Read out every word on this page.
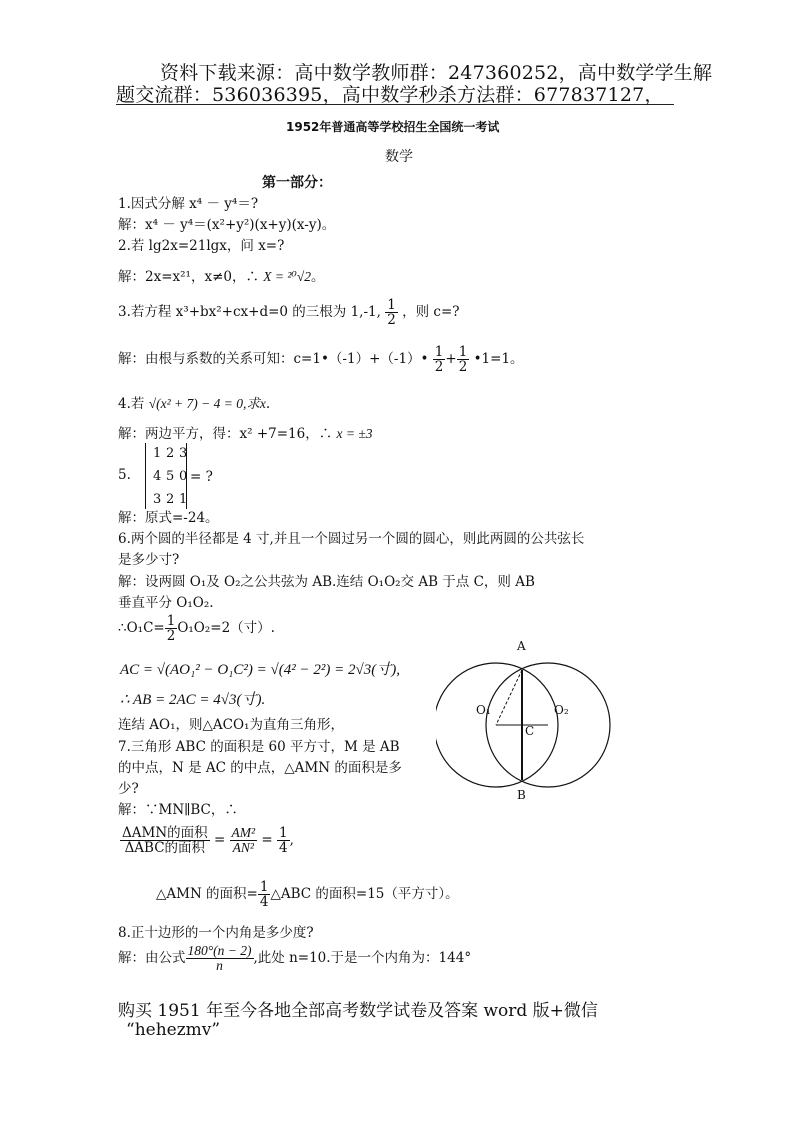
资料下载来源：高中数学教师群：247360252，高中数学学生解
题交流群：536036395，高中数学秒杀方法群：677837127，
1952年普通高等学校招生全国统一考试
数学
第一部分：
1.因式分解 x⁴ － y⁴＝?
解：x⁴ － y⁴＝(x²+y²)(x+y)(x-y)。
2.若 lg2x=21lgx，问 x=?
解：2x=x²¹，x≠0，∴ X = ²⁰√2。
3.若方程 x³+bx²+cx+d=0 的三根为 1,-1, $\frac{1}{2}$ ，则 c=?
解：由根与系数的关系可知：c=1•（-1）+（-1）• $\frac{1}{2} + \frac{1}{2}$ •1=1。
4.若 √(x² + 7) − 4 = 0,求x.
解：两边平方，得：x² +7=16，∴ x = ±3
5.
1 2 3
4 5 0
3 2 1
= ?
解：原式=-24。
6.两个圆的半径都是 4 寸,并且一个圆过另一个圆的圆心，则此两圆的公共弦长
是多少寸?
解：设两圆 O₁及 O₂之公共弦为 AB.连结 O₁O₂交 AB 于点 C，则 AB
垂直平分 O₁O₂.
∴O₁C= $\frac{1}{2} O_1O_2=2$（寸）.
AC = √(AO₁² − O₁C²) = √(4² − 2²) = 2√3(寸),
∴ AB = 2AC = 4√3(寸).
连结 AO₁，则△ACO₁为直角三角形，
A
B
C
O₁	O₂
7.三角形 ABC 的面积是 60 平方寸，M 是 AB
的中点，N 是 AC 的中点，△AMN 的面积是多
少?
解：∵MN∥BC，∴
$\frac{\text{ΔAMN的面积}}{\text{ΔABC的面积}} = \frac{\text{AM²}}{\text{AN²}} = \frac{1}{4}$ ,
△AMN 的面积= $\frac{1}{4}$ △ABC 的面积=15（平方寸）。
8.正十边形的一个内角是多少度?
解：由公式 $\frac{180^\circ(n - 2)}{n}$ ,此处 n=10.于是一个内角为：144°
购买 1951 年至今各地全部高考数学试卷及答案 word 版+微信
“hehezmv”
